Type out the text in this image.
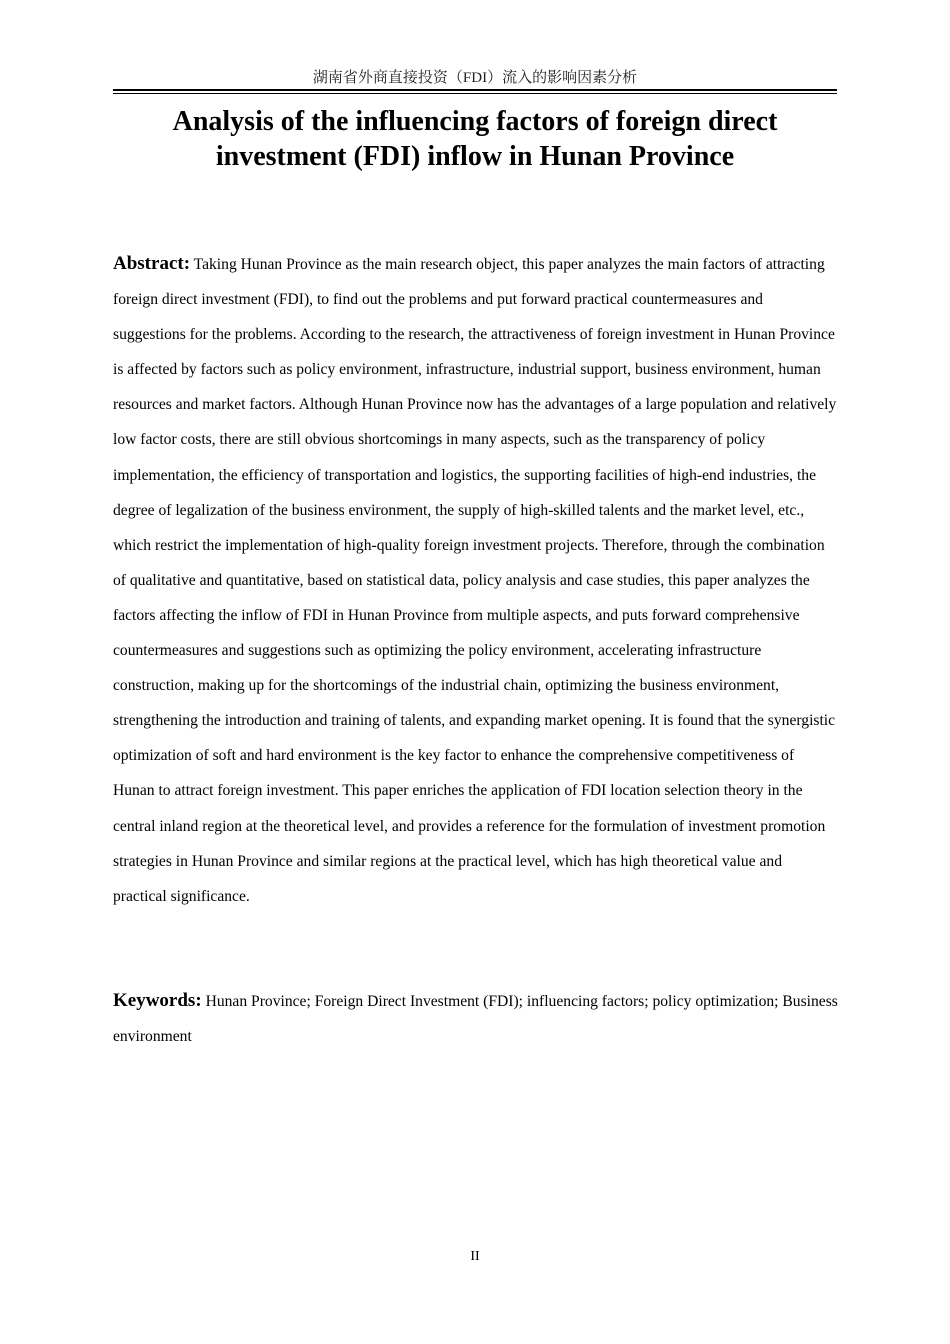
湖南省外商直接投资（FDI）流入的影响因素分析
Analysis of the influencing factors of foreign direct investment (FDI) inflow in Hunan Province

Abstract: Taking Hunan Province as the main research object, this paper analyzes the main factors of attracting foreign direct investment (FDI), to find out the problems and put forward practical countermeasures and suggestions for the problems. According to the research, the attractiveness of foreign investment in Hunan Province is affected by factors such as policy environment, infrastructure, industrial support, business environment, human resources and market factors. Although Hunan Province now has the advantages of a large population and relatively low factor costs, there are still obvious shortcomings in many aspects, such as the transparency of policy implementation, the efficiency of transportation and logistics, the supporting facilities of high-end industries, the degree of legalization of the business environment, the supply of high-skilled talents and the market level, etc., which restrict the implementation of high-quality foreign investment projects. Therefore, through the combination of qualitative and quantitative, based on statistical data, policy analysis and case studies, this paper analyzes the factors affecting the inflow of FDI in Hunan Province from multiple aspects, and puts forward comprehensive countermeasures and suggestions such as optimizing the policy environment, accelerating infrastructure construction, making up for the shortcomings of the industrial chain, optimizing the business environment, strengthening the introduction and training of talents, and expanding market opening. It is found that the synergistic optimization of soft and hard environment is the key factor to enhance the comprehensive competitiveness of Hunan to attract foreign investment. This paper enriches the application of FDI location selection theory in the central inland region at the theoretical level, and provides a reference for the formulation of investment promotion strategies in Hunan Province and similar regions at the practical level, which has high theoretical value and practical significance.

Keywords: Hunan Province; Foreign Direct Investment (FDI); influencing factors; policy optimization; Business environment

II
